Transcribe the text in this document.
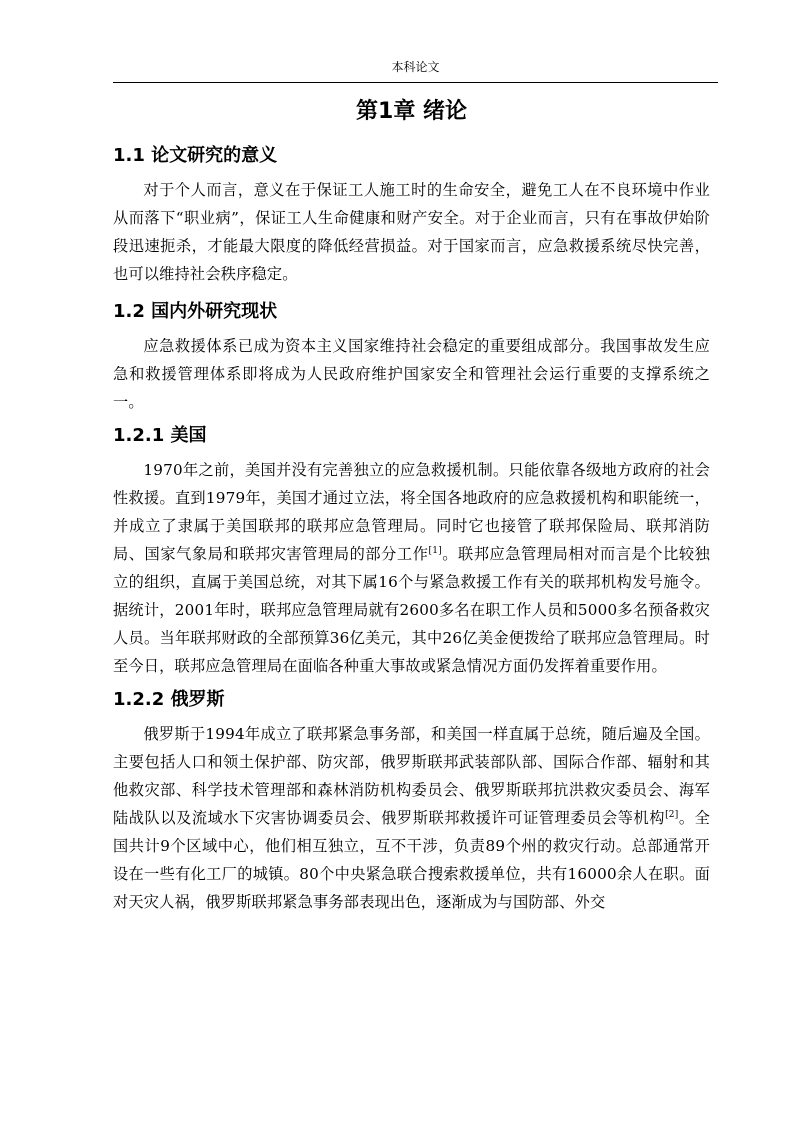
本科论文
第1章 绪论
1.1 论文研究的意义

对于个人而言，意义在于保证工人施工时的生命安全，避免工人在不良环境中作业从而落下“职业病”，保证工人生命健康和财产安全。对于企业而言，只有在事故伊始阶段迅速扼杀，才能最大限度的降低经营损益。对于国家而言，应急救援系统尽快完善，也可以维持社会秩序稳定。

1.2 国内外研究现状

应急救援体系已成为资本主义国家维持社会稳定的重要组成部分。我国事故发生应急和救援管理体系即将成为人民政府维护国家安全和管理社会运行重要的支撑系统之一。

1.2.1 美国

1970年之前，美国并没有完善独立的应急救援机制。只能依靠各级地方政府的社会性救援。直到1979年，美国才通过立法，将全国各地政府的应急救援机构和职能统一，并成立了隶属于美国联邦的联邦应急管理局。同时它也接管了联邦保险局、联邦消防局、国家气象局和联邦灾害管理局的部分工作[1]。联邦应急管理局相对而言是个比较独立的组织，直属于美国总统，对其下属16个与紧急救援工作有关的联邦机构发号施令。据统计，2001年时，联邦应急管理局就有2600多名在职工作人员和5000多名预备救灾人员。当年联邦财政的全部预算36亿美元，其中26亿美金便拨给了联邦应急管理局。时至今日，联邦应急管理局在面临各种重大事故或紧急情况方面仍发挥着重要作用。

1.2.2 俄罗斯

俄罗斯于1994年成立了联邦紧急事务部，和美国一样直属于总统，随后遍及全国。主要包括人口和领土保护部、防灾部，俄罗斯联邦武装部队部、国际合作部、辐射和其他救灾部、科学技术管理部和森林消防机构委员会、俄罗斯联邦抗洪救灾委员会、海军陆战队以及流域水下灾害协调委员会、俄罗斯联邦救援许可证管理委员会等机构[2]。全国共计9个区域中心，他们相互独立，互不干涉，负责89个州的救灾行动。总部通常开设在一些有化工厂的城镇。80个中央紧急联合搜索救援单位，共有16000余人在职。面对天灾人祸，俄罗斯联邦紧急事务部表现出色，逐渐成为与国防部、外交
